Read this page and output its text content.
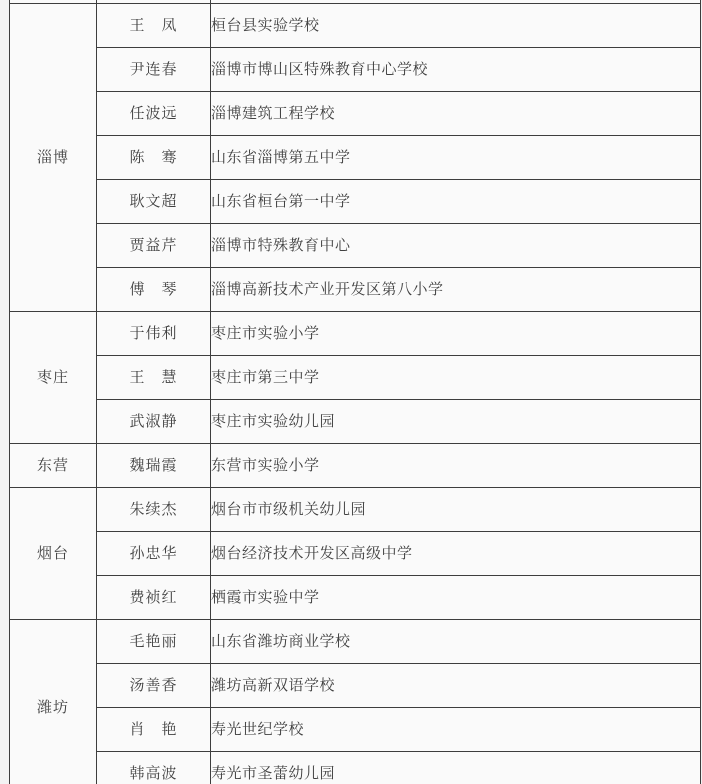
淄博	王　凤	桓台县实验学校
	尹连春	淄博市博山区特殊教育中心学校
	任波远	淄博建筑工程学校
	陈　骞	山东省淄博第五中学
	耿文超	山东省桓台第一中学
	贾益芹	淄博市特殊教育中心
	傅　琴	淄博高新技术产业开发区第八小学
枣庄	于伟利	枣庄市实验小学
	王　慧	枣庄市第三中学
	武淑静	枣庄市实验幼儿园
东营	魏瑞霞	东营市实验小学
烟台	朱续杰	烟台市市级机关幼儿园
	孙忠华	烟台经济技术开发区高级中学
	费祯红	栖霞市实验中学
潍坊	毛艳丽	山东省潍坊商业学校
	汤善香	潍坊高新双语学校
	肖　艳	寿光世纪学校
	韩高波	寿光市圣蕾幼儿园
